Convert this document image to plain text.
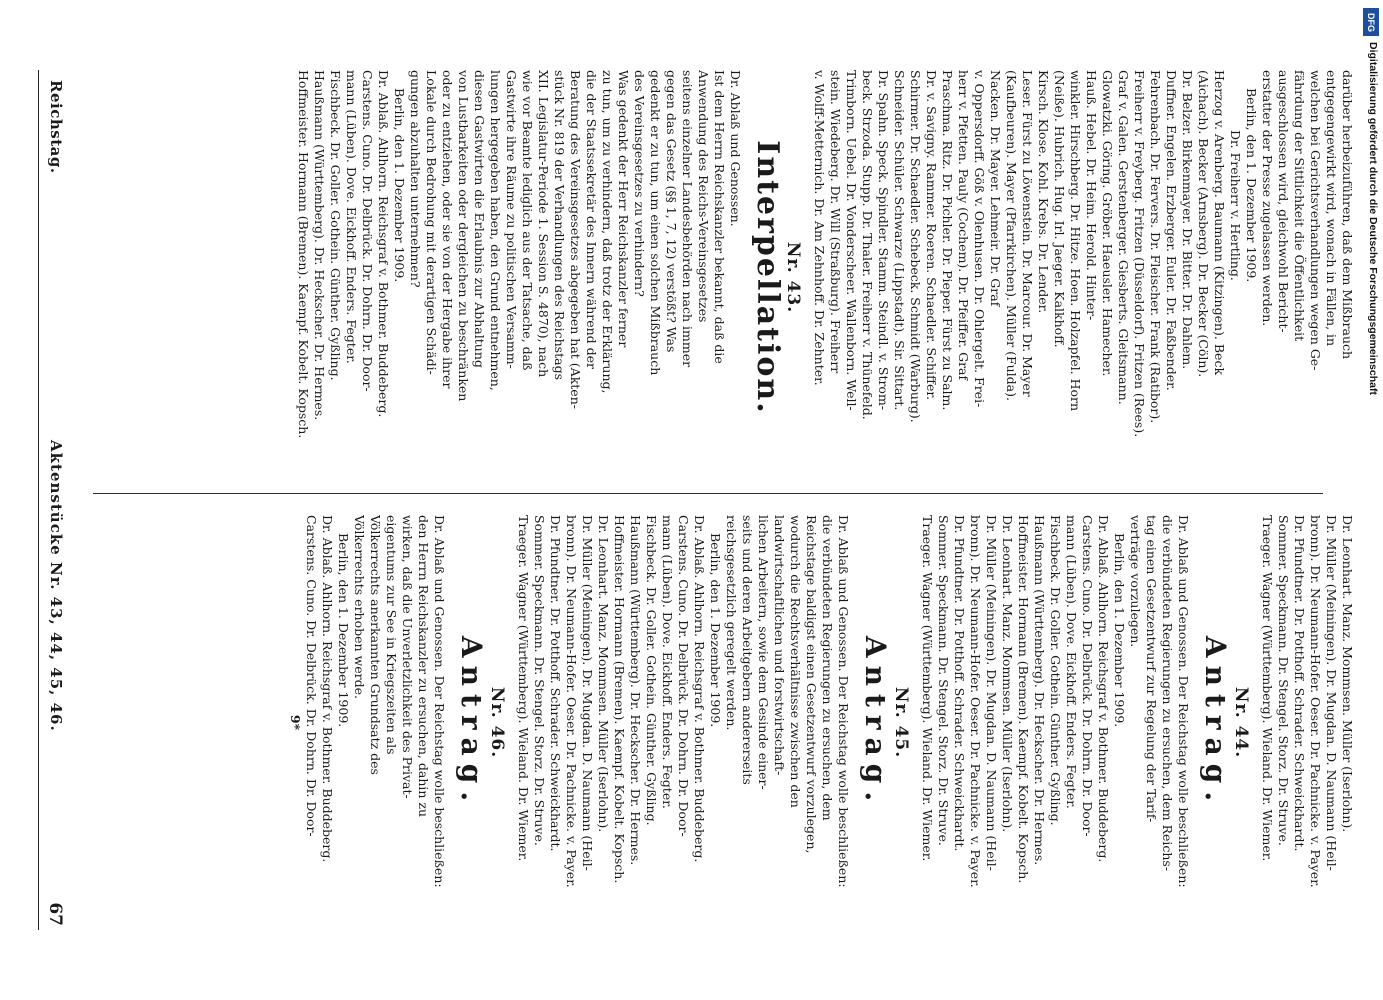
Reichstag.
Aktenstücke Nr. 43, 44, 45, 46.
67
darüber herbeizuführen, daß dem Mißbrauch
entgegengewirkt wird, wonach in Fällen, in
welchen bei Gerichtsverhandlungen wegen Ge-
fährdung der Sittlichkeit die Öffentlichkeit
ausgeschlossen wird, gleichwohl Bericht-
erstatter der Presse zugelassen werden.
Berlin, den 1. Dezember 1909.
Dr. Freiherr v. Hertling.
Herzog v. Arenberg. Baumann (Kitzingen). Beck
(Aichach). Becker (Arnsberg). Dr. Becker (Cöln).
Dr. Belzer. Birkenmayer. Dr. Bitter. Dr. Dahlem.
Duffner. Engelen. Erzberger. Euler. Dr. Faßbender.
Fehrenbach. Dr. Fervers. Dr. Fleischer. Frank (Ratibor).
Freiherr v. Freyberg. Fritzen (Düsseldorf). Fritzen (Rees).
Graf v. Galen. Gerstenberger. Giesberts. Gleitsmann.
Glowatzki. Göring. Gröber. Haeusler. Hamecher.
Hauß. Hebel. Dr. Heim. Herold. Hinter-
winkler. Hirschberg. Dr. Hitze. Hoen. Holzapfel. Horn
(Neiße). Hubrich. Hug. Irl. Jaeger. Kalkhoff.
Kirsch. Klose. Kohl. Krebs. Dr. Lender.
Leser. Fürst zu Löwenstein. Dr. Marcour. Dr. Mayer
(Kaufbeuren). Mayer (Pfarrkirchen). Müller (Fulda).
Nacken. Dr. Mayer. Lehmeir. Dr. Graf
v. Oppersdorff. Göß v. Olenhusen. Dr. Ohlergelt. Frei-
herr v. Pfetten. Pauly (Cochem). Dr. Pfeiffer. Graf
Praschma. Ritz. Dr. Pichler. Dr. Pieper. Fürst zu Salm.
Dr. v. Savigny. Rammer. Roeren. Schaedler. Schiffer.
Schirmer. Dr. Schaedler. Schebeck. Schmidt (Warburg).
Schneider. Schüler. Schwarze (Lippstadt). Sir. Sittart.
Dr. Spahn. Speck. Spindler. Stamm. Steindl. v. Strom-
beck. Strzoda. Stupp. Dr. Thaler. Freiherr v. Thünefeld.
Trimborn. Uebel. Dr. Vonderscheer. Wallenborn. Well-
stein. Wiedeberg. Dr. Will (Straßburg). Freiherr
v. Wolff-Metternich. Dr. Am Zehnhoff. Dr. Zehnter.
Nr. 43.
Interpellation.
Dr. Ablaß und Genossen.
Ist dem Herrn Reichskanzler bekannt, daß die
Anwendung des Reichs-Vereinsgesetzes
seitens einzelner Landesbehörden nach immer
gegen das Gesetz (§§ 1, 7, 12) verstößt? Was
gedenkt er zu tun, um einen solchen Mißbrauch
des Vereinsgesetzes zu verhindern?
Was gedenkt der Herr Reichskanzler ferner
zu tun, um zu verhindern, daß trotz der Erklärung,
die der Staatssekretär des Innern während der
Beratung des Vereinsgesetzes abgegeben hat (Akten-
stück Nr. 819 der Verhandlungen des Reichstags
XII. Legislatur-Periode 1. Session S. 4870), nach
wie vor Beamte lediglich aus der Tatsache, daß
Gastwirte ihre Räume zu politischen Versamm-
lungen hergegeben haben, den Grund entnehmen,
diesen Gastwirten die Erlaubnis zur Abhaltung
von Lustbarkeiten oder dergleichen zu beschränken
oder zu entziehen, oder sie von der Hergabe ihrer
Lokale durch Bedrohung mit derartigen Schädi-
gungen abzuhalten unternehmen?
Berlin, den 1. Dezember 1909.
Dr. Ablaß. Ahlhorn. Reichsgraf v. Bothmer. Buddeberg.
Carstens. Cuno. Dr. Delbrück. Dr. Dohrn. Dr. Door-
mann (Lüben). Dove. Eickhoff. Enders. Fegter.
Fischbeck. Dr. Goller. Gothein. Günther. Gyßling.
Haußmann (Württemberg). Dr. Heckscher. Dr. Hermes.
Hoffmeister. Hormann (Bremen). Kaempf. Kobelt. Kopsch.
Dr. Leonhart. Manz. Mommsen. Müller (Iserlohn).
Dr. Müller (Meiningen). Dr. Mugdan. D. Naumann (Heil-
bronn). Dr. Neumann-Hofer. Oeser. Dr. Pachnicke. v. Payer.
Dr. Pfundtner. Dr. Potthoff. Schrader. Schweickhardt.
Sommer. Speckmann. Dr. Stengel. Storz. Dr. Struve.
Traeger. Wagner (Württemberg). Wieland. Dr. Wiemer.
Nr. 44.
Antrag.
Dr. Ablaß und Genossen. Der Reichstag wolle beschließen:
die verbündeten Regierungen zu ersuchen, dem Reichs-
tag einen Gesetzentwurf zur Regelung der Tarif-
verträge vorzulegen.
Berlin, den 1. Dezember 1909.
Dr. Ablaß. Ahlhorn. Reichsgraf v. Bothmer. Buddeberg.
Carstens. Cuno. Dr. Delbrück. Dr. Dohrn. Dr. Door-
mann (Lüben). Dove. Eickhoff. Enders. Fegter.
Fischbeck. Dr. Goller. Gothein. Günther. Gyßling.
Haußmann (Württemberg). Dr. Heckscher. Dr. Hermes.
Hoffmeister. Hormann (Bremen). Kaempf. Kobelt. Kopsch.
Dr. Leonhart. Manz. Mommsen. Müller (Iserlohn).
Dr. Müller (Meiningen). Dr. Mugdan. D. Naumann (Heil-
bronn). Dr. Neumann-Hofer. Oeser. Dr. Pachnicke. v. Payer.
Dr. Pfundtner. Dr. Potthoff. Schrader. Schweickhardt.
Sommer. Speckmann. Dr. Stengel. Storz. Dr. Struve.
Traeger. Wagner (Württemberg). Wieland. Dr. Wiemer.
Nr. 45.
Antrag.
Dr. Ablaß und Genossen. Der Reichstag wolle beschließen:
die verbündeten Regierungen zu ersuchen, dem
Reichstage baldigst einen Gesetzentwurf vorzulegen,
wodurch die Rechtsverhältnisse zwischen den
landwirtschaftlichen und forstwirtschaft-
lichen Arbeitern, sowie dem Gesinde einer-
seits und deren Arbeitgebern andererseits
reichsgesetzlich geregelt werden.
Berlin, den 1. Dezember 1909.
Dr. Ablaß. Ahlhorn. Reichsgraf v. Bothmer. Buddeberg.
Carstens. Cuno. Dr. Delbrück. Dr. Dohrn. Dr. Door-
mann (Lüben). Dove. Eickhoff. Enders. Fegter.
Fischbeck. Dr. Goller. Gothein. Günther. Gyßling.
Haußmann (Württemberg). Dr. Heckscher. Dr. Hermes.
Hoffmeister. Hormann (Bremen). Kaempf. Kobelt. Kopsch.
Dr. Leonhart. Manz. Mommsen. Müller (Iserlohn).
Dr. Müller (Meiningen). Dr. Mugdan. D. Naumann (Heil-
bronn). Dr. Neumann-Hofer. Oeser. Dr. Pachnicke. v. Payer.
Dr. Pfundtner. Dr. Potthoff. Schrader. Schweickhardt.
Sommer. Speckmann. Dr. Stengel. Storz. Dr. Struve.
Traeger. Wagner (Württemberg). Wieland. Dr. Wiemer.
Nr. 46.
Antrag.
Dr. Ablaß und Genossen. Der Reichstag wolle beschließen:
den Herrn Reichskanzler zu ersuchen, dahin zu
wirken, daß die Unverletzlichkeit des Privat-
eigentums zur See in Kriegszeiten als
Völkerrechts anerkannten Grundsatz des
Völkerrechts erhoben werde.
Berlin, den 1. Dezember 1909.
Dr. Ablaß. Ahlhorn. Reichsgraf v. Bothmer. Buddeberg.
Carstens. Cuno. Dr. Delbrück. Dr. Dohrn. Dr. Door-
9*
DFG
Digitalisierung gefördert durch die Deutsche Forschungsgemeinschaft
